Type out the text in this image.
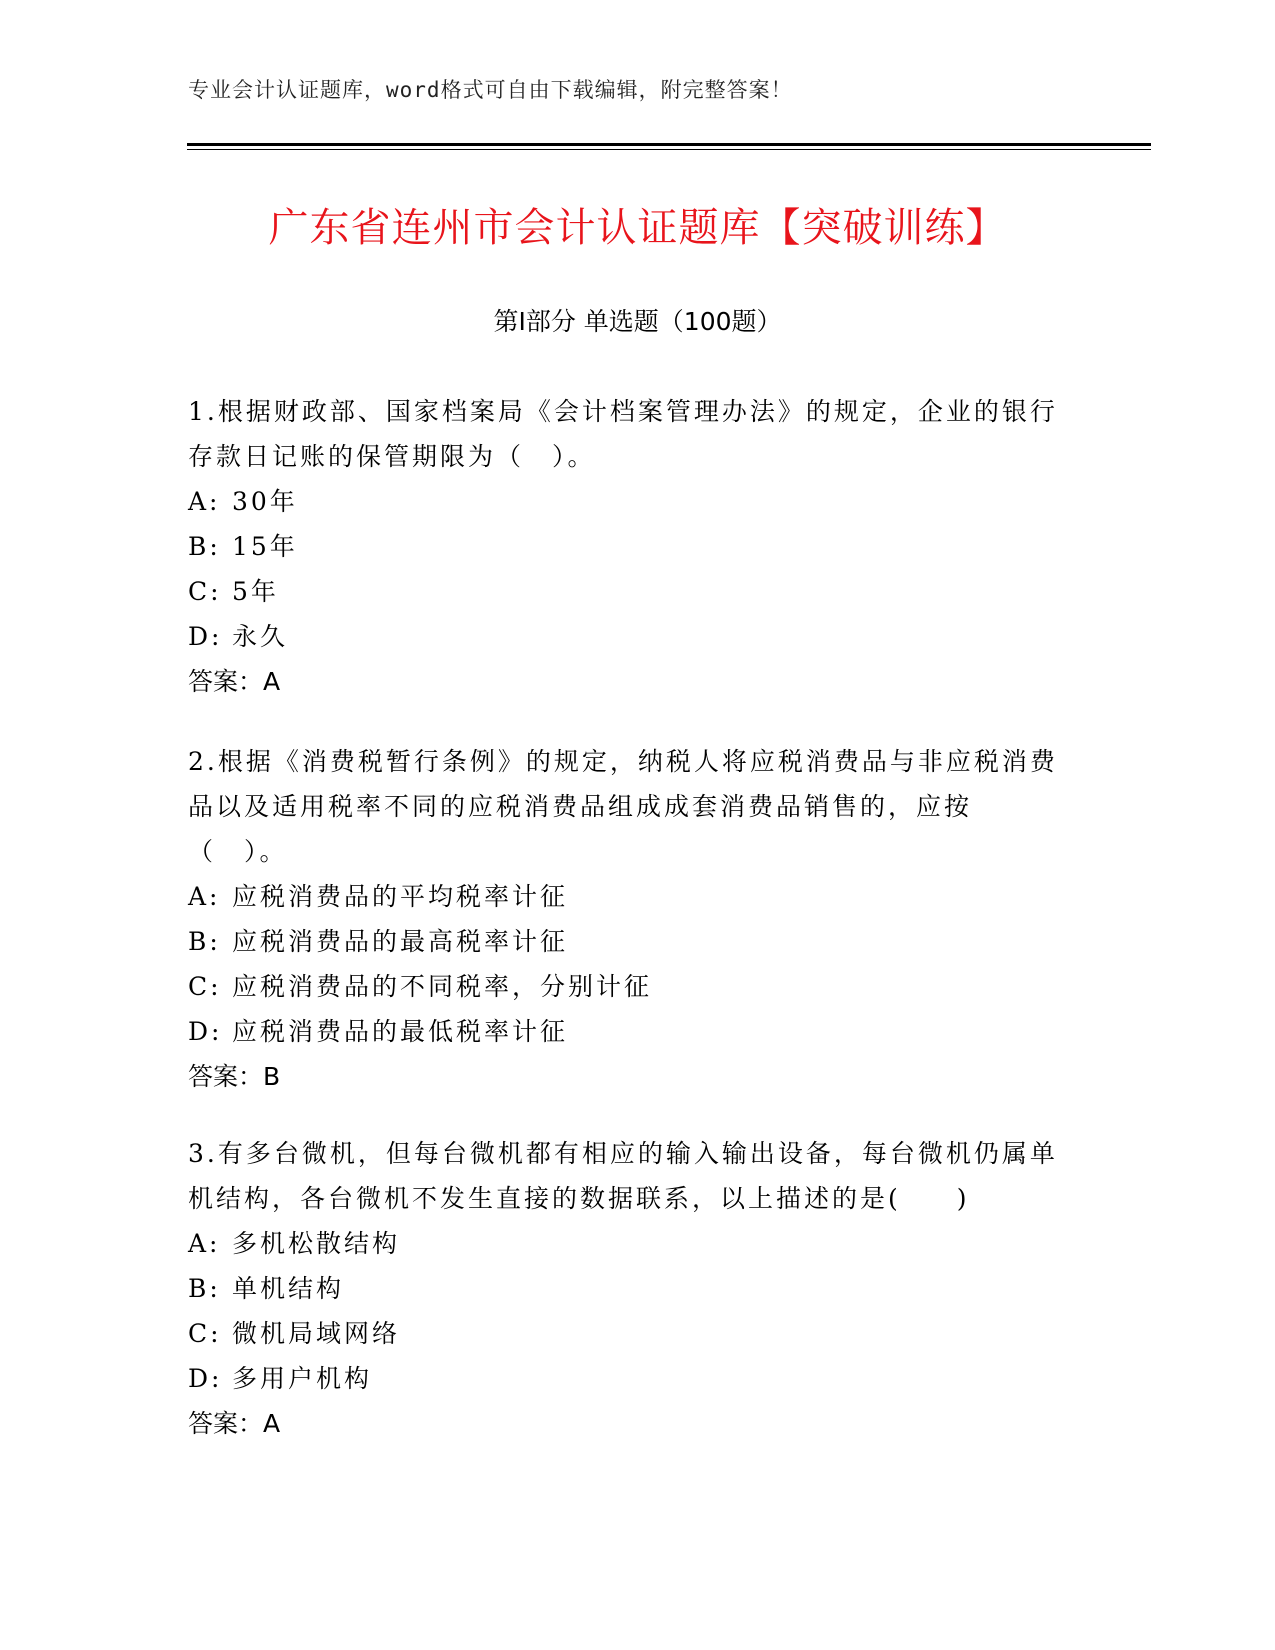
专业会计认证题库，word格式可自由下载编辑，附完整答案！
广东省连州市会计认证题库【突破训练】
第I部分 单选题（100题）

1.根据财政部、国家档案局《会计档案管理办法》的规定，企业的银行存款日记账的保管期限为（　）。

A: 30年

B: 15年

C: 5年

D: 永久

答案：A

2.根据《消费税暂行条例》的规定，纳税人将应税消费品与非应税消费品以及适用税率不同的应税消费品组成成套消费品销售的，应按（　）。

A: 应税消费品的平均税率计征

B: 应税消费品的最高税率计征

C: 应税消费品的不同税率，分别计征

D: 应税消费品的最低税率计征

答案：B

3.有多台微机，但每台微机都有相应的输入输出设备，每台微机仍属单机结构，各台微机不发生直接的数据联系，以上描述的是(　　)

A: 多机松散结构

B: 单机结构

C: 微机局域网络

D: 多用户机构

答案：A
